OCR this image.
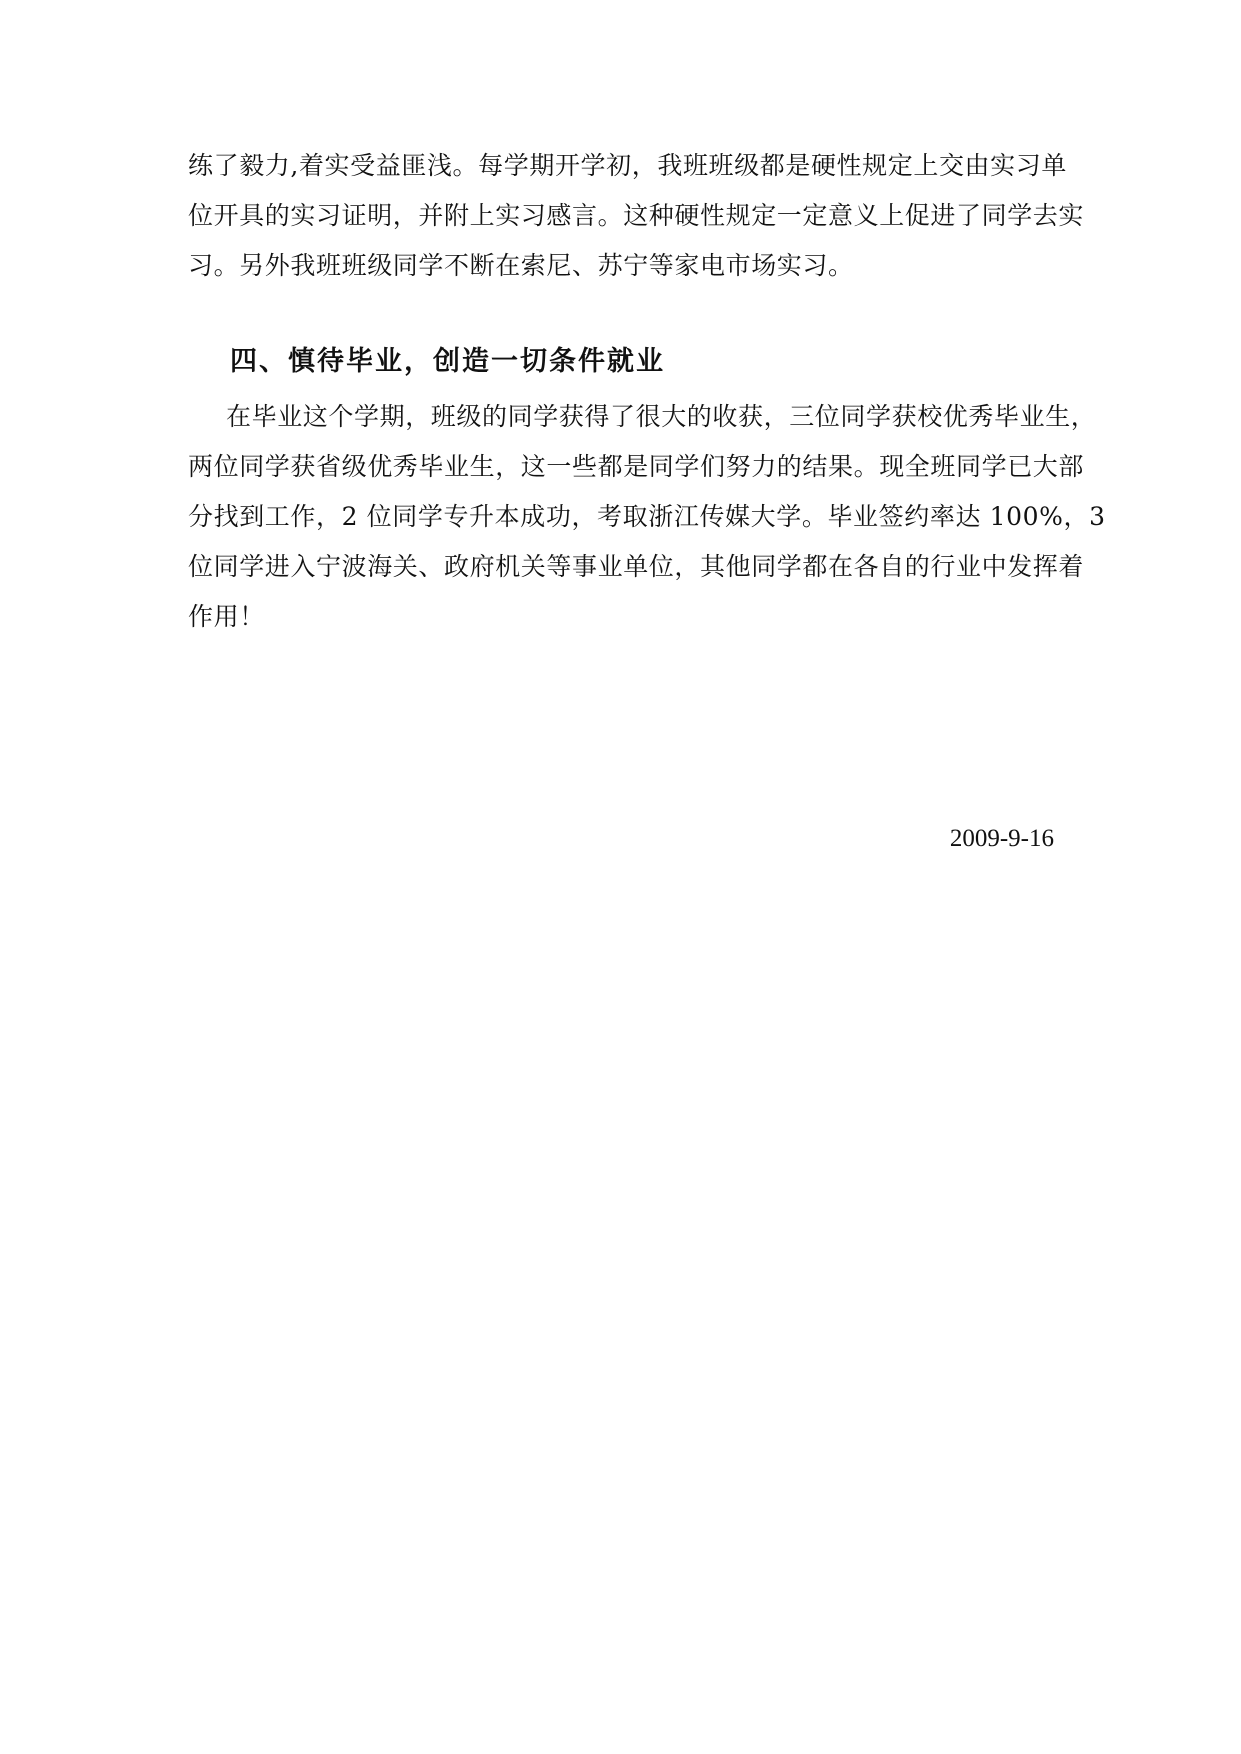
练了毅力,着实受益匪浅。每学期开学初，我班班级都是硬性规定上交由实习单
位开具的实习证明，并附上实习感言。这种硬性规定一定意义上促进了同学去实
习。另外我班班级同学不断在索尼、苏宁等家电市场实习。
四、慎待毕业，创造一切条件就业
在毕业这个学期，班级的同学获得了很大的收获，三位同学获校优秀毕业生，
两位同学获省级优秀毕业生，这一些都是同学们努力的结果。现全班同学已大部
分找到工作，2 位同学专升本成功，考取浙江传媒大学。毕业签约率达 100%，3
位同学进入宁波海关、政府机关等事业单位，其他同学都在各自的行业中发挥着
作用！
2009-9-16
